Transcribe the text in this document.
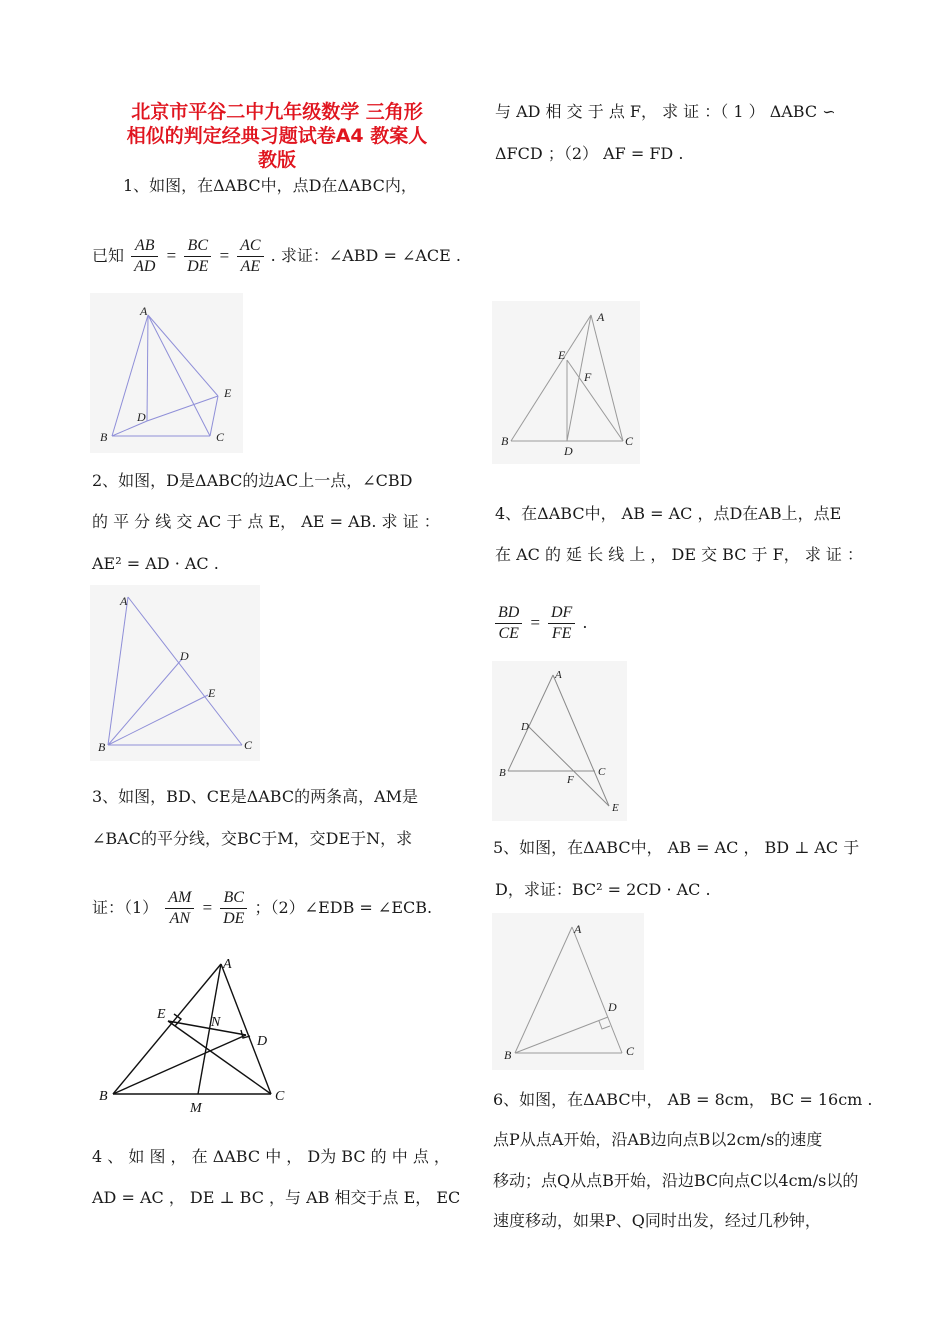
北京市平谷二中九年级数学 三角形
相似的判定经典习题试卷A4 教案人
教版
1、如图，在ΔABC中，点D在ΔABC内，
已知 $\frac{AB}{AD} = \frac{BC}{DE} = \frac{AC}{AE}$ . 求证：∠ABD = ∠ACE .
A
B	C
D
E
2、如图，D是ΔABC的边AC上一点，∠CBD
的 平 分 线 交 AC 于 点 E， AE = AB. 求 证 ：
AE² = AD · AC .
A
B	C
D
E
3、如图，BD、CE是ΔABC的两条高，AM是
∠BAC的平分线，交BC于M，交DE于N，求
证：$(1) \frac{AM}{AN} = \frac{BC}{DE}$ ；（2）∠EDB = ∠ECB.
A
B	C
D
E
M
N
4 、 如 图 ， 在 ΔABC 中 ， D为 BC 的 中 点 ，
AD = AC ， DE ⊥ BC ，与 AB 相交于点 E， EC
与 AD 相 交 于 点 F， 求 证 ：（ 1 ） ΔABC ∽
ΔFCD ；（2） AF = FD .
A
B	C
D
E
F
4、在ΔABC中， AB = AC ，点D在AB上，点E
在 AC 的 延 长 线 上 ， DE 交 BC 于 F， 求 证 ：
$\frac{BD}{CE} = \frac{DF}{FE}$ .
A
B	C
D
E
F
5、如图，在ΔABC中， AB = AC ， BD ⊥ AC 于
D，求证：BC² = 2CD · AC .
A
B	C
D
6、如图，在ΔABC中， AB = 8cm， BC = 16cm .
点P从点A开始，沿AB边向点B以2cm/s的速度
移动；点Q从点B开始，沿边BC向点C以4cm/s以的
速度移动，如果P、Q同时出发，经过几秒钟，
